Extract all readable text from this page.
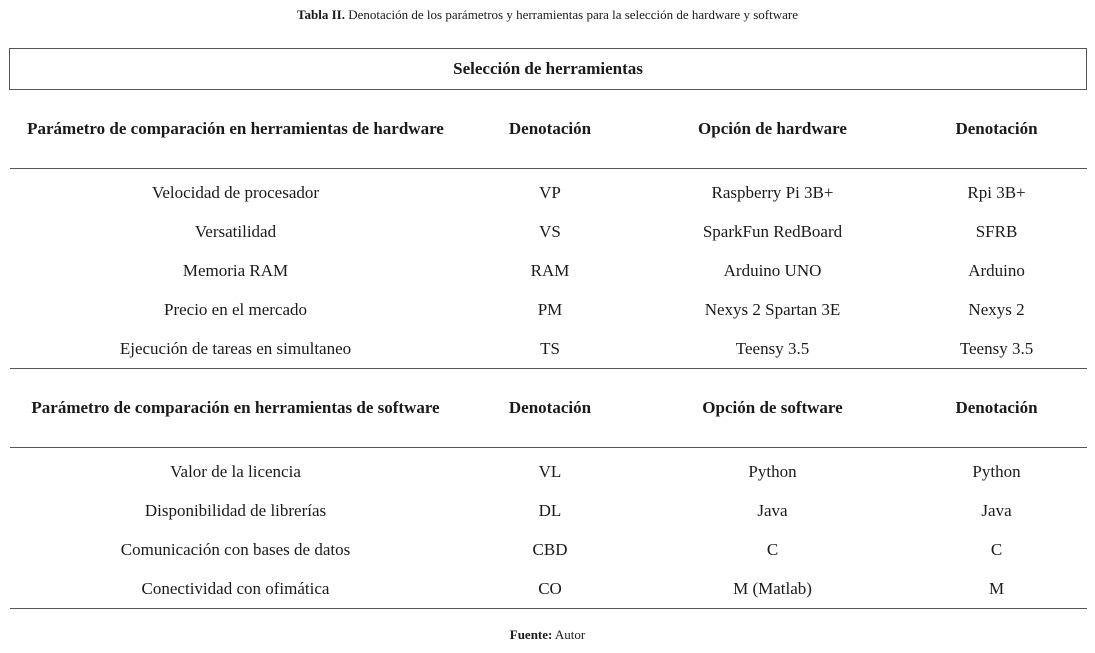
Tabla II. Denotación de los parámetros y herramientas para la selección de hardware y software
Selección de herramientas			
Parámetro de comparación en herramientas de hardware	Denotación	Opción de hardware	Denotación
Velocidad de procesador	VP	Raspberry Pi 3B+	Rpi 3B+
Versatilidad	VS	SparkFun RedBoard	SFRB
Memoria RAM	RAM	Arduino UNO	Arduino
Precio en el mercado	PM	Nexys 2 Spartan 3E	Nexys 2
Ejecución de tareas en simultaneo	TS	Teensy 3.5	Teensy 3.5
Parámetro de comparación en herramientas de software	Denotación	Opción de software	Denotación
Valor de la licencia	VL	Python	Python
Disponibilidad de librerías	DL	Java	Java
Comunicación con bases de datos	CBD	C	C
Conectividad con ofimática	CO	M (Matlab)	M
Fuente: Autor
